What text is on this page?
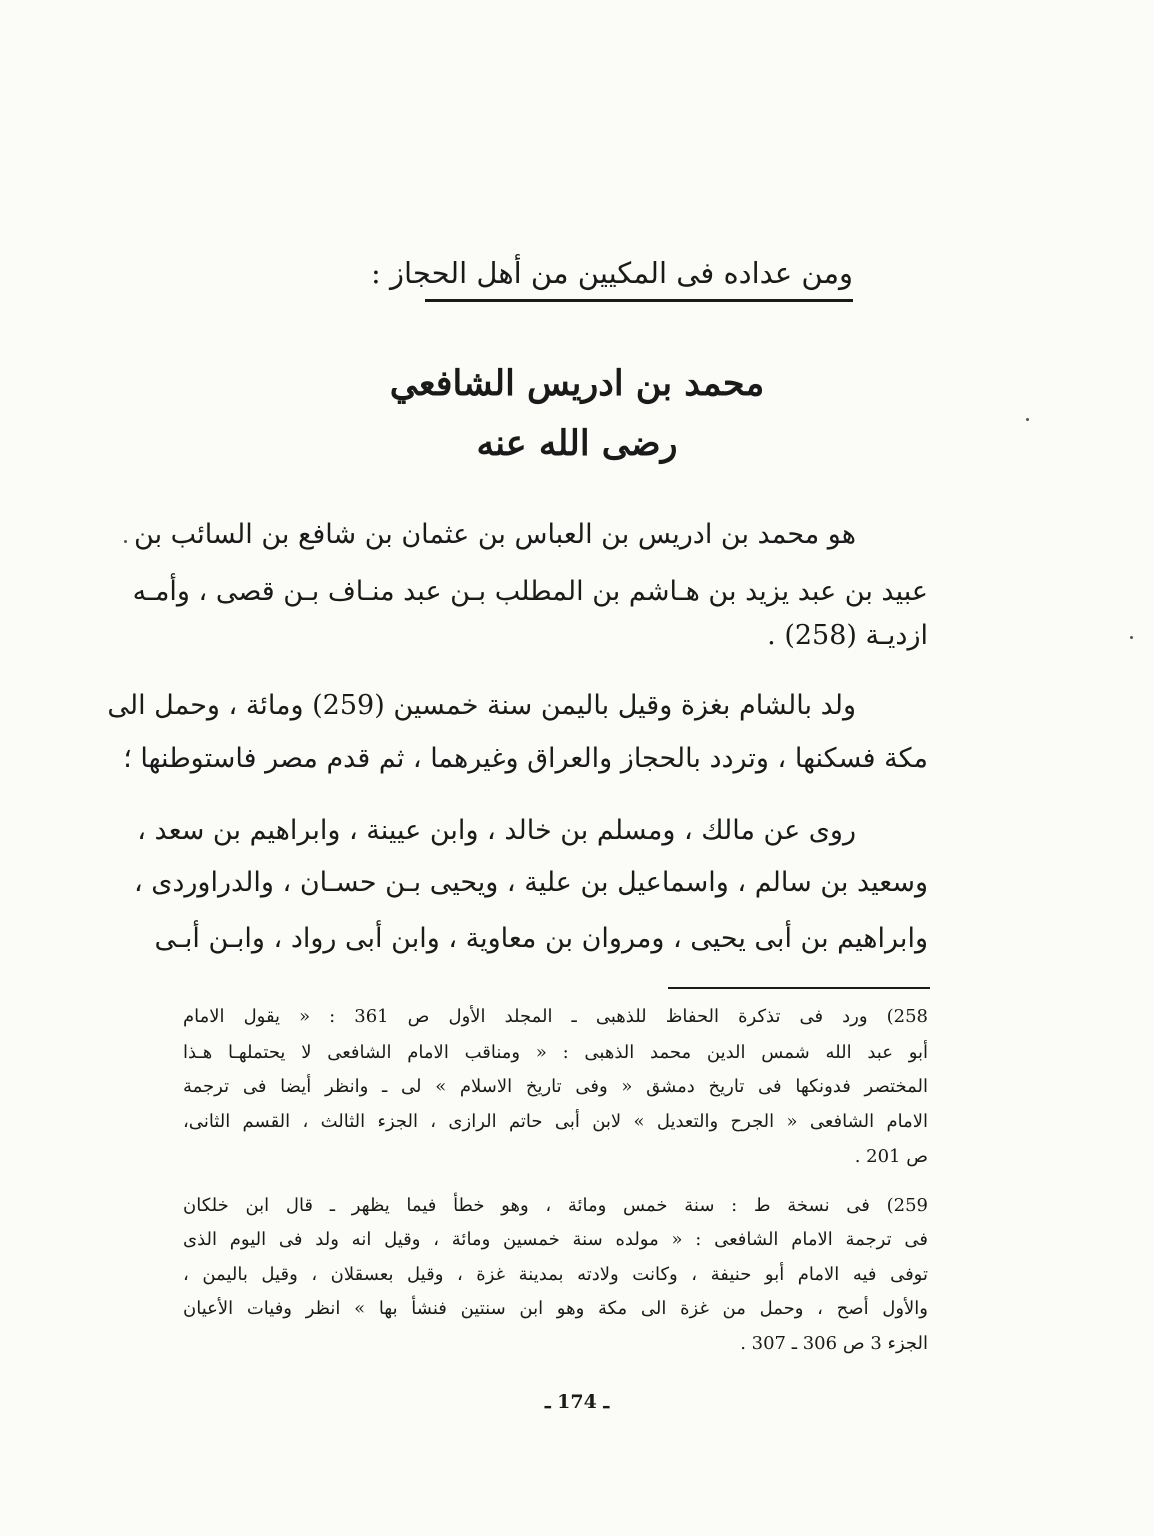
ومن عداده فى المكيين من أهل الحجاز :
محمد بن ادريس الشافعي
رضى الله عنه
هو محمد بن ادريس بن العباس بن عثمان بن شافع بن السائب بن
عبيد بن عبد يزيد بن هـاشم بن المطلب بـن عبد منـاف بـن قصى ، وأمـه
ازديـة (258) .
ولد بالشام بغزة وقيل باليمن سنة خمسين (259) ومائة ، وحمل الى
مكة فسكنها ، وتردد بالحجاز والعراق وغيرهما ، ثم قدم مصر فاستوطنها ؛
روى عن مالك ، ومسلم بن خالد ، وابن عيينة ، وابراهيم بن سعد ،
وسعيد بن سالم ، واسماعيل بن علية ، ويحيى بـن حسـان ، والدراوردى ،
وابراهيم بن أبى يحيى ، ومروان بن معاوية ، وابن أبى رواد ، وابـن أبـى
258) ورد فى تذكرة الحفاظ للذهبى ـ المجلد الأول ص 361 : « يقول الامام
أبو عبد الله شمس الدين محمد الذهبى : « ومناقب الامام الشافعى لا يحتملهـا هـذا
المختصر فدونكها فى تاريخ دمشق « وفى تاريخ الاسلام » لى ـ وانظر أيضا فى ترجمة
الامام الشافعى « الجرح والتعديل » لابن أبى حاتم الرازى ، الجزء الثالث ، القسم الثانى،
ص 201 .
259) فى نسخة ط : سنة خمس ومائة ، وهو خطأ فيما يظهر ـ قال ابن خلكان
فى ترجمة الامام الشافعى : « مولده سنة خمسين ومائة ، وقيل انه ولد فى اليوم الذى
توفى فيه الامام أبو حنيفة ، وكانت ولادته بمدينة غزة ، وقيل بعسقلان ، وقيل باليمن ،
والأول أصح ، وحمل من غزة الى مكة وهو ابن سنتين فنشأ بها » انظر وفيات الأعيان
الجزء 3 ص 306 ـ 307 .
ـ 174 ـ
